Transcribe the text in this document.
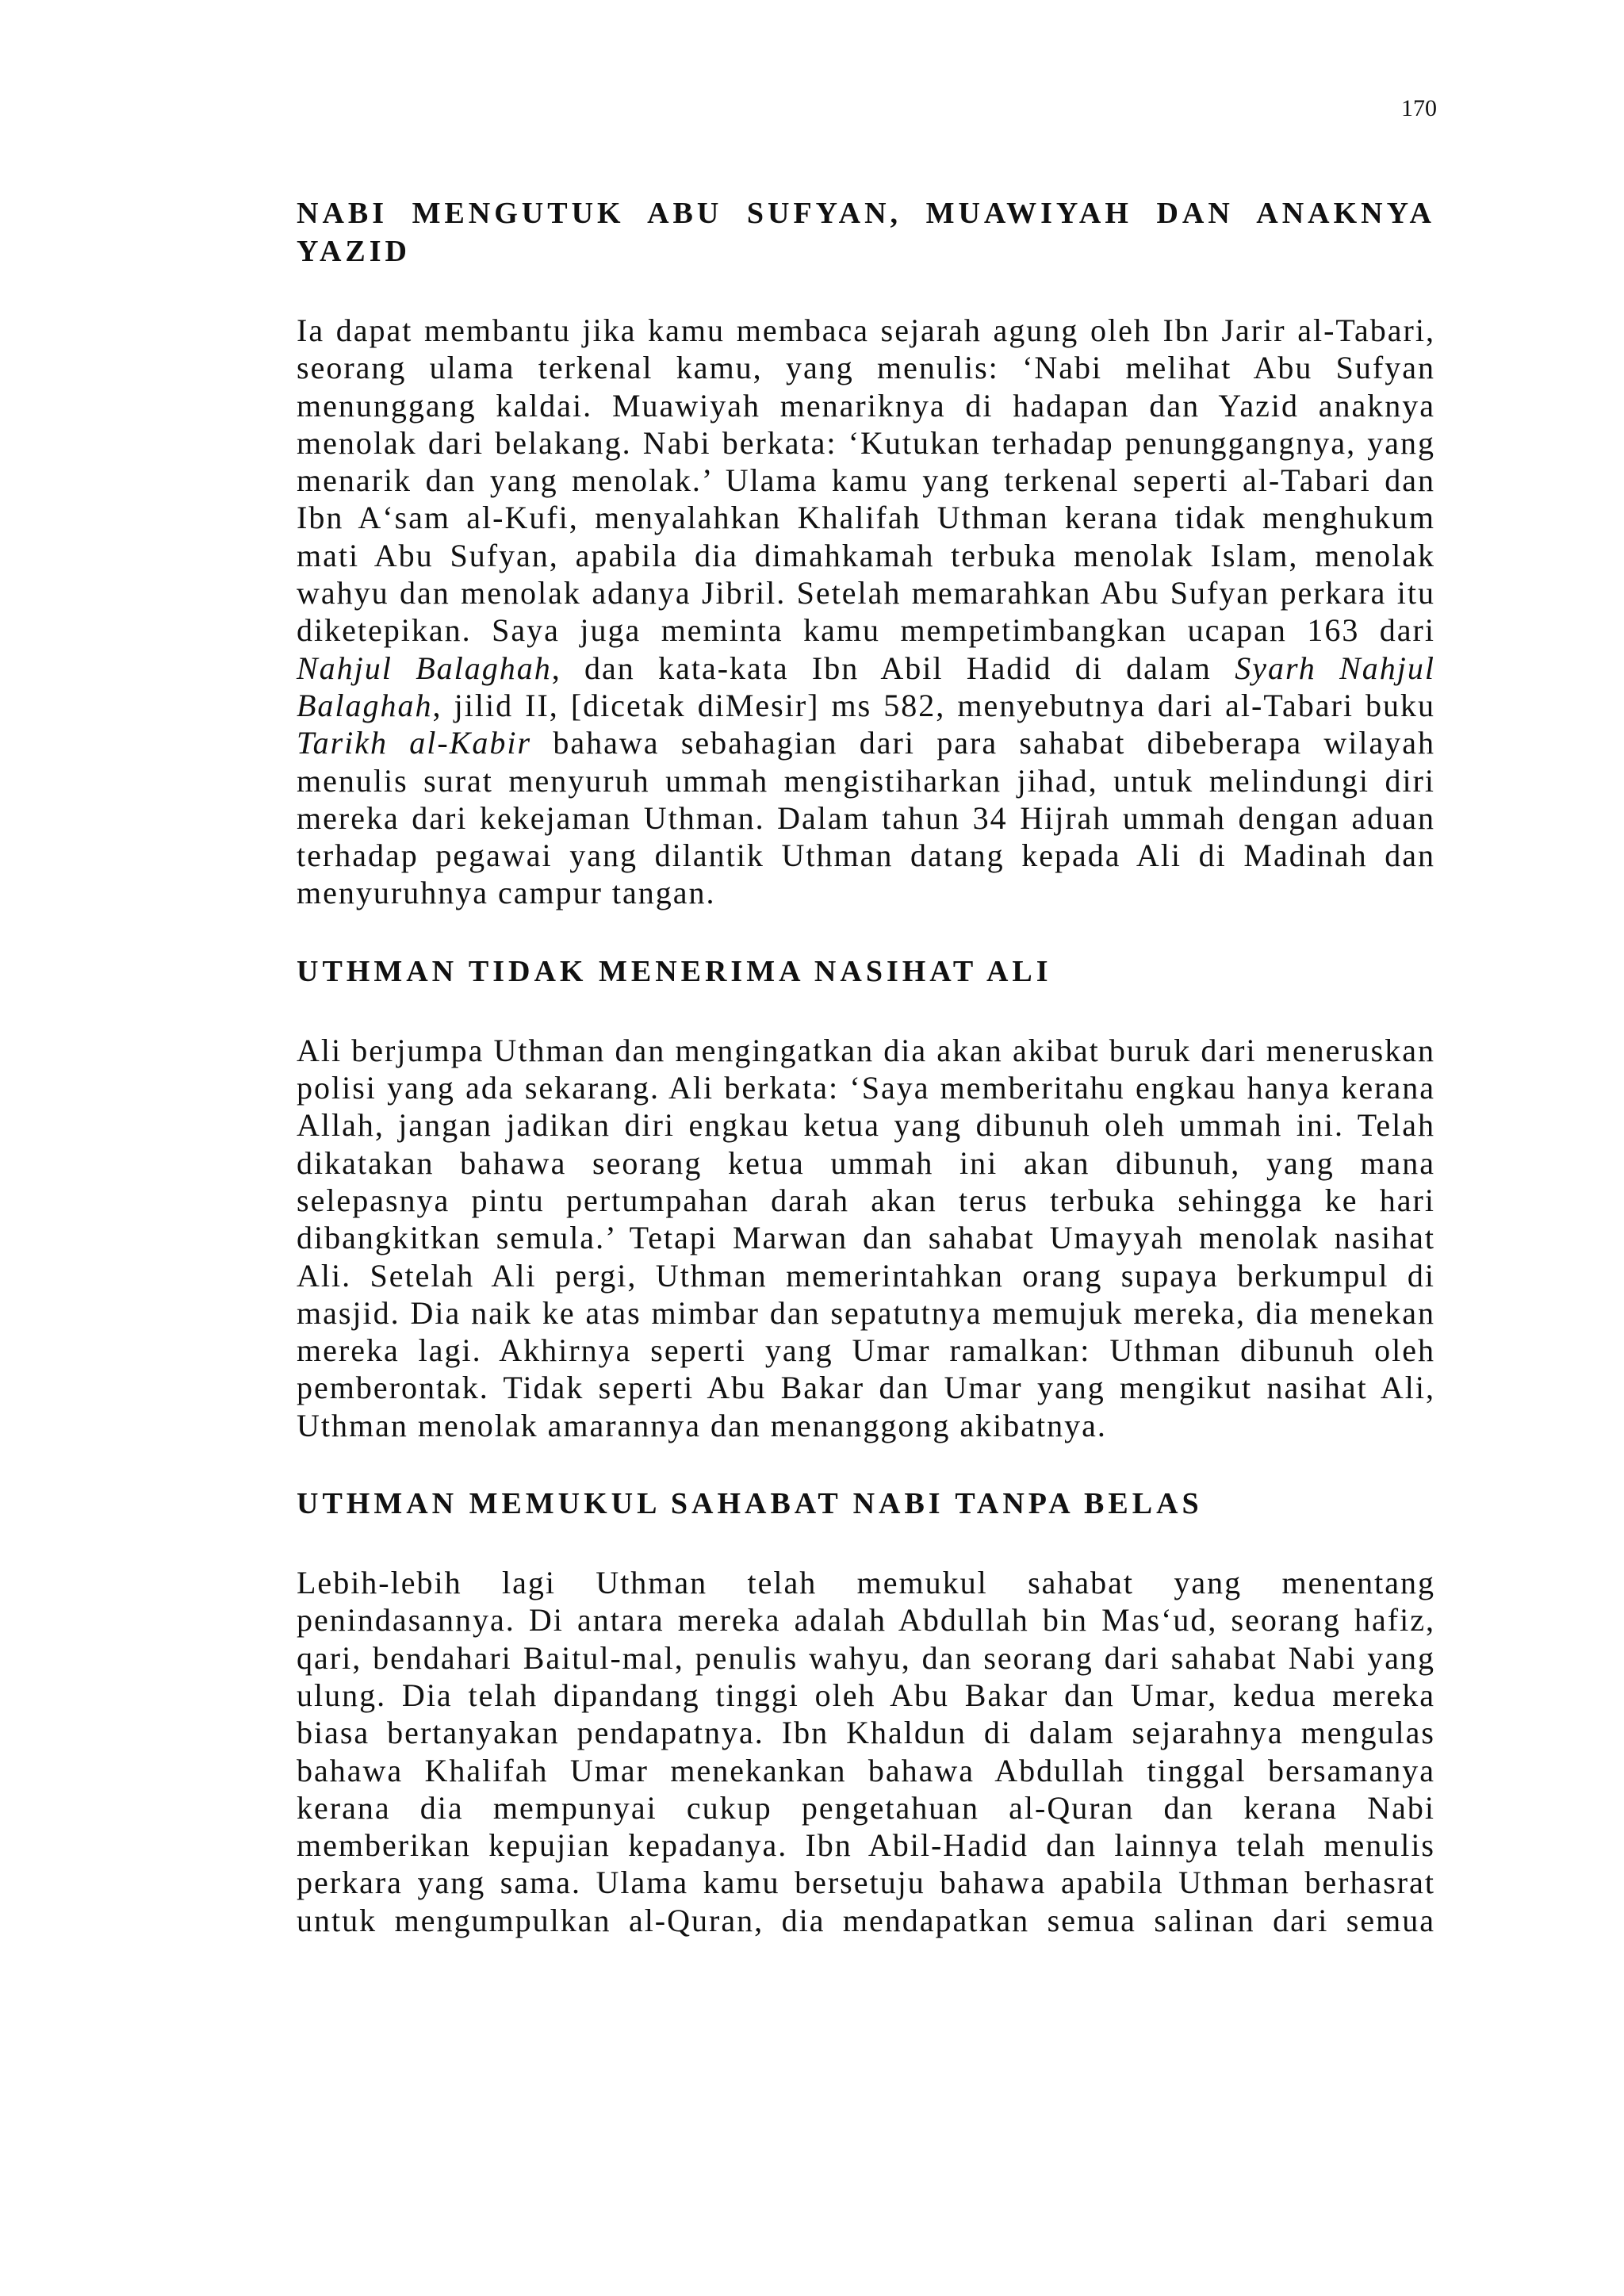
170
NABI MENGUTUK ABU SUFYAN, MUAWIYAH DAN ANAKNYA YAZID

Ia dapat membantu jika kamu membaca sejarah agung oleh Ibn Jarir al-Tabari, seorang ulama terkenal kamu, yang menulis: ‘Nabi melihat Abu Sufyan menunggang kaldai. Muawiyah menariknya di hadapan dan Yazid anaknya menolak dari belakang. Nabi berkata: ‘Kutukan terhadap penunggangnya, yang menarik dan yang menolak.’ Ulama kamu yang terkenal seperti al-Tabari dan Ibn A‘sam al-Kufi, menyalahkan Khalifah Uthman kerana tidak menghukum mati Abu Sufyan, apabila dia dimahkamah terbuka menolak Islam, menolak wahyu dan menolak adanya Jibril. Setelah memarahkan Abu Sufyan perkara itu diketepikan. Saya juga meminta kamu mempetimbangkan ucapan 163 dari Nahjul Balaghah, dan kata-kata Ibn Abil Hadid di dalam Syarh Nahjul Balaghah, jilid II, [dicetak diMesir] ms 582, menyebutnya dari al-Tabari buku Tarikh al-Kabir bahawa sebahagian dari para sahabat dibeberapa wilayah menulis surat menyuruh ummah mengistiharkan jihad, untuk melindungi diri mereka dari kekejaman Uthman. Dalam tahun 34 Hijrah ummah dengan aduan terhadap pegawai yang dilantik Uthman datang kepada Ali di Madinah dan menyuruhnya campur tangan.

UTHMAN TIDAK MENERIMA NASIHAT ALI

Ali berjumpa Uthman dan mengingatkan dia akan akibat buruk dari meneruskan polisi yang ada sekarang. Ali berkata: ‘Saya memberitahu engkau hanya kerana Allah, jangan jadikan diri engkau ketua yang dibunuh oleh ummah ini. Telah dikatakan bahawa seorang ketua ummah ini akan dibunuh, yang mana selepasnya pintu pertumpahan darah akan terus terbuka sehingga ke hari dibangkitkan semula.’ Tetapi Marwan dan sahabat Umayyah menolak nasihat Ali. Setelah Ali pergi, Uthman memerintahkan orang supaya berkumpul di masjid. Dia naik ke atas mimbar dan sepatutnya memujuk mereka, dia menekan mereka lagi. Akhirnya seperti yang Umar ramalkan: Uthman dibunuh oleh pemberontak. Tidak seperti Abu Bakar dan Umar yang mengikut nasihat Ali, Uthman menolak amarannya dan menanggong akibatnya.

UTHMAN MEMUKUL SAHABAT NABI TANPA BELAS

Lebih-lebih lagi Uthman telah memukul sahabat yang menentang penindasannya. Di antara mereka adalah Abdullah bin Mas‘ud, seorang hafiz, qari, bendahari Baitul-mal, penulis wahyu, dan seorang dari sahabat Nabi yang ulung. Dia telah dipandang tinggi oleh Abu Bakar dan Umar, kedua mereka biasa bertanyakan pendapatnya. Ibn Khaldun di dalam sejarahnya mengulas bahawa Khalifah Umar menekankan bahawa Abdullah tinggal bersamanya kerana dia mempunyai cukup pengetahuan al-Quran dan kerana Nabi memberikan kepujian kepadanya. Ibn Abil-Hadid dan lainnya telah menulis perkara yang sama. Ulama kamu bersetuju bahawa apabila Uthman berhasrat untuk mengumpulkan al-Quran, dia mendapatkan semua salinan dari semua
